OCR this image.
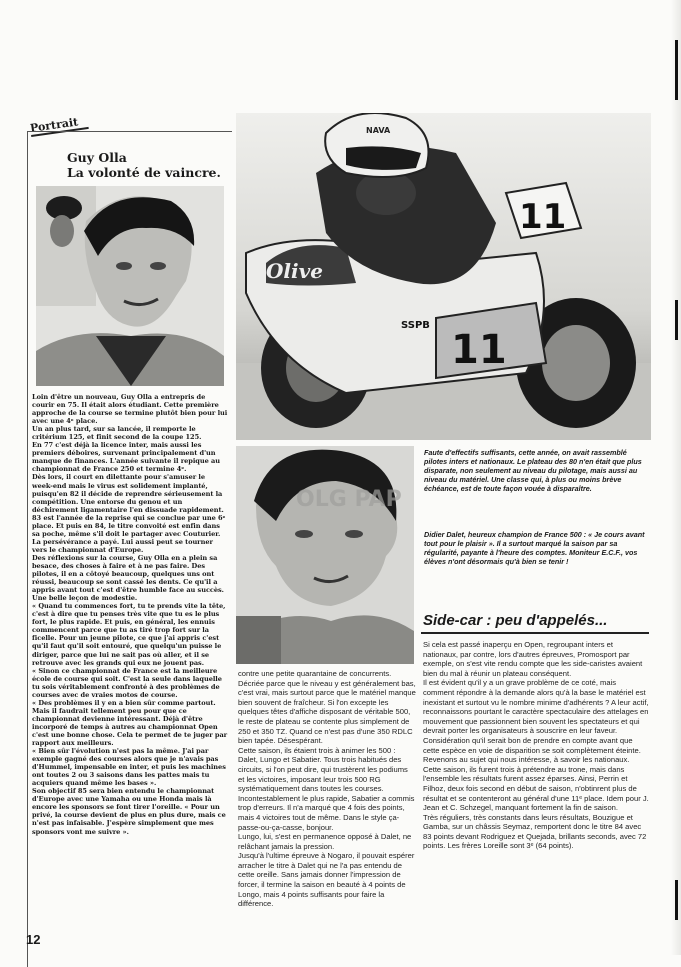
Portrait
Guy Olla
La volonté de vaincre.

Loin d'être un nouveau, Guy Olla a entrepris de courir en 75. Il était alors étudiant. Cette première approche de la course se termine plutôt bien pour lui avec une 4ᵉ place.

Un an plus tard, sur sa lancée, il remporte le critérium 125, et finit second de la coupe 125.

En 77 c'est déjà la licence inter, mais aussi les premiers déboires, survenant principalement d'un manque de finances. L'année suivante il repique au championnat de France 250 et termine 4ᵉ.

Dès lors, il court en dilettante pour s'amuser le week-end mais le virus est solidement implanté, puisqu'en 82 il décide de reprendre sérieusement la compétition. Une entorse du genou et un déchirement ligamentaire l'en dissuade rapidement.

83 est l'année de la reprise qui se conclue par une 6ᵉ place. Et puis en 84, le titre convoité est enfin dans sa poche, même s'il doit le partager avec Couturier. La persévérance a payé. Lui aussi peut se tourner vers le championnat d'Europe.

Des réflexions sur la course, Guy Olla en a plein sa besace, des choses à faire et à ne pas faire. Des pilotes, il en a côtoyé beaucoup, quelques uns ont réussi, beaucoup se sont cassé les dents. Ce qu'il a appris avant tout c'est d'être humble face au succès. Une belle leçon de modestie.

« Quand tu commences fort, tu te prends vite la tête, c'est à dire que tu penses très vite que tu es le plus fort, le plus rapide. Et puis, en général, les ennuis commencent parce que tu as tiré trop fort sur la ficelle. Pour un jeune pilote, ce que j'ai appris c'est qu'il faut qu'il soit entouré, que quelqu'un puisse le diriger, parce que lui ne sait pas où aller, et il se retrouve avec les grands qui eux ne jouent pas.

« Sinon ce championnat de France est la meilleure école de course qui soit. C'est la seule dans laquelle tu sois véritablement confronté à des problèmes de courses avec de vraies motos de course.

« Des problèmes il y en a bien sûr comme partout. Mais il faudrait tellement peu pour que ce championnat devienne intéressant. Déjà d'être incorporé de temps à autres au championnat Open c'est une bonne chose. Cela te permet de te juger par rapport aux meilleurs.

« Bien sûr l'évolution n'est pas la même. J'ai par exemple gagné des courses alors que je n'avais pas d'Hummel, impensable en inter, et puis les machines ont toutes 2 ou 3 saisons dans les pattes mais tu acquiers quand même les bases ».

Son objectif 85 sera bien entendu le championnat d'Europe avec une Yamaha ou une Honda mais là encore les sponsors se font tirer l'oreille. « Pour un privé, la course devient de plus en plus dure, mais ce n'est pas infaisable. J'espère simplement que mes sponsors vont me suivre ».

Olive
11
SSPB
NAVA
11
OLG PAP

Faute d'effectifs suffisants, cette année, on avait rassemblé pilotes inters et nationaux. Le plateau des 80 n'en était que plus disparate, non seulement au niveau du pilotage, mais aussi au niveau du matériel. Une classe qui, à plus ou moins brève échéance, est de toute façon vouée à disparaître.

Didier Dalet, heureux champion de France 500 : « Je cours avant tout pour le plaisir ». Il a surtout marqué la saison par sa régularité, payante à l'heure des comptes. Moniteur E.C.F., vos élèves n'ont désormais qu'à bien se tenir !

contre une petite quarantaine de concurrents.

Décriée parce que le niveau y est généralement bas, c'est vrai, mais surtout parce que le matériel manque bien souvent de fraîcheur. Si l'on excepte les quelques têtes d'affiche disposant de véritable 500, le reste de plateau se contente plus simplement de 250 et 350 TZ. Quand ce n'est pas d'une 350 RDLC bien tapée. Désespérant.

Cette saison, ils étaient trois à animer les 500 : Dalet, Lungo et Sabatier. Tous trois habitués des circuits, si l'on peut dire, qui trustèrent les podiums et les victoires, imposant leur trois 500 RG systématiquement dans toutes les courses.

Incontestablement le plus rapide, Sabatier a commis trop d'erreurs. Il n'a marqué que 4 fois des points, mais 4 victoires tout de même. Dans le style ça-passe-ou-ça-casse, bonjour.

Lungo, lui, s'est en permanence opposé à Dalet, ne relâchant jamais la pression.

Jusqu'à l'ultime épreuve à Nogaro, il pouvait espérer arracher le titre à Dalet qui ne l'a pas entendu de cette oreille. Sans jamais donner l'impression de forcer, il termine la saison en beauté à 4 points de Longo, mais 4 points suffisants pour faire la différence.

Side-car : peu d'appelés...

Si cela est passé inaperçu en Open, regroupant inters et nationaux, par contre, lors d'autres épreuves, Promosport par exemple, on s'est vite rendu compte que les side-caristes avaient bien du mal à réunir un plateau conséquent.

Il est évident qu'il y a un grave problème de ce coté, mais comment répondre à la demande alors qu'à la base le matériel est inexistant et surtout vu le nombre minime d'adhérents ? A leur actif, reconnaissons pourtant le caractère spectaculaire des attelages en mouvement que passionnent bien souvent les spectateurs et qui devrait porter les organisateurs à souscrire en leur faveur. Considération qu'il serait bon de prendre en compte avant que cette espèce en voie de disparition se soit complètement éteinte.

Revenons au sujet qui nous intéresse, à savoir les nationaux. Cette saison, ils furent trois à prétendre au trone, mais dans l'ensemble les résultats furent assez éparses. Ainsi, Perrin et Filhoz, deux fois second en début de saison, n'obtinrent plus de résultat et se contenteront au général d'une 11ᵉ place. Idem pour J. Jean et C. Schzegel, manquant fortement la fin de saison.

Très réguliers, très constants dans leurs résultats, Bouzigue et Gamba, sur un châssis Seymaz, remportent donc le titre 84 avec 83 points devant Rodriguez et Quejada, brillants seconds, avec 72 points. Les frères Loreille sont 3ᵉ (64 points).

12
